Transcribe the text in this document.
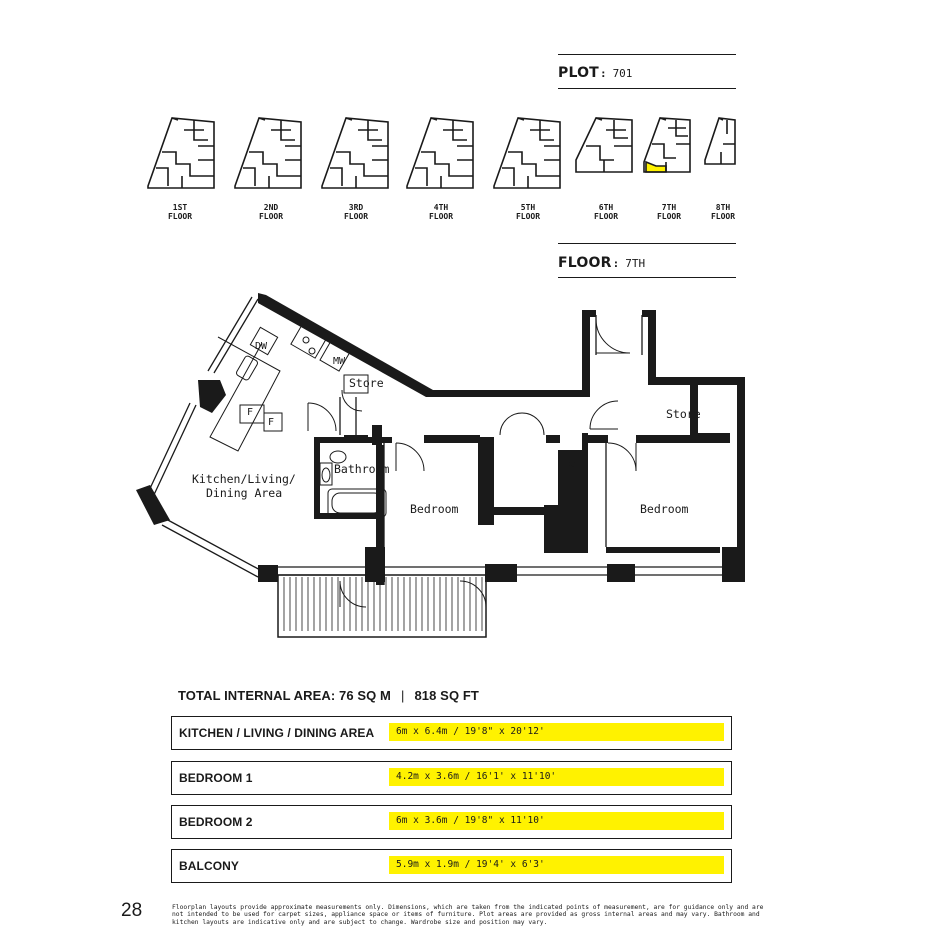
PLOT: 701
1ST
FLOOR
2ND
FLOOR
3RD
FLOOR
4TH
FLOOR
5TH
FLOOR
6TH
FLOOR
7TH
FLOOR
8TH
FLOOR
FLOOR: 7TH
Kitchen/Living/
Dining Area
Bathroom
Bedroom	Bedroom
Store
Store
DW
MW
F
F
W
TOTAL INTERNAL AREA: 76 SQ M | 818 SQ FT
KITCHEN / LIVING / DINING AREA	6m x 6.4m / 19'8" x 20'12'
BEDROOM 1	4.2m x 3.6m / 16'1' x 11'10'
BEDROOM 2	6m x 3.6m / 19'8" x 11'10'
BALCONY	5.9m x 1.9m / 19'4' x 6'3'
28	Floorplan layouts provide approximate measurements only. Dimensions, which are taken from the indicated points of measurement, are for guidance only and are not intended to be used for carpet sizes, appliance space or items of furniture. Plot areas are provided as gross internal areas and may vary. Bathroom and kitchen layouts are indicative only and are subject to change. Wardrobe size and position may vary.
